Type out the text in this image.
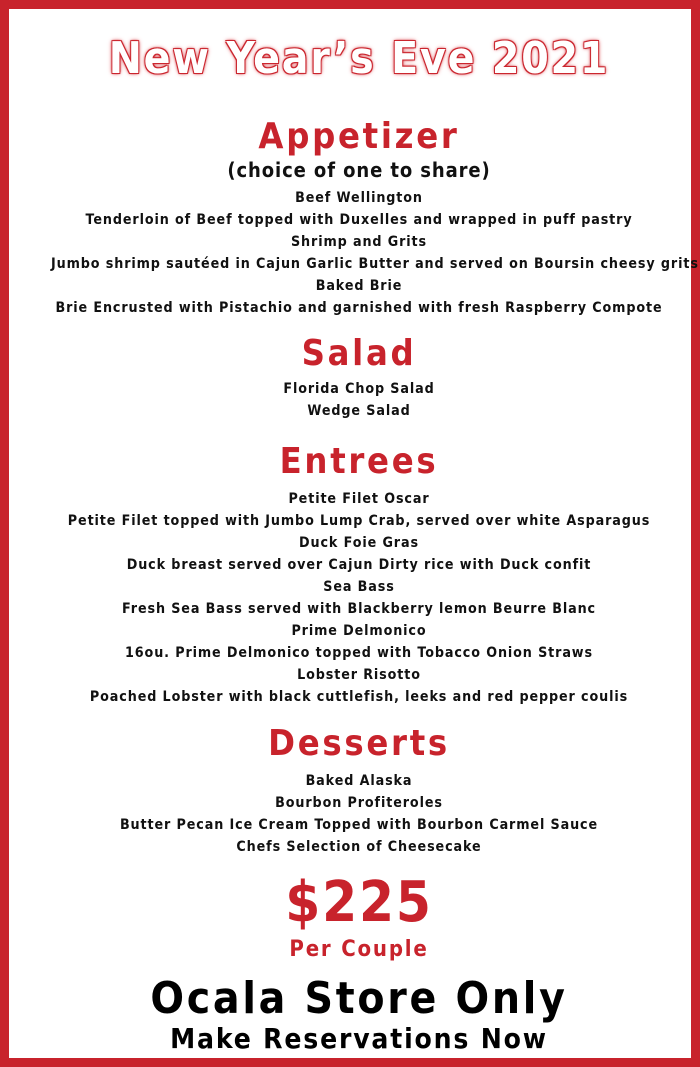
New Year’s Eve 2021
Appetizer
(choice of one to share)
Beef Wellington
Tenderloin of Beef topped with Duxelles and wrapped in puff pastry
Shrimp and Grits
Jumbo shrimp sautéed in Cajun Garlic Butter and served on Boursin cheesy grits
Baked Brie
Brie Encrusted with Pistachio and garnished with fresh Raspberry Compote
Salad
Florida Chop Salad
Wedge Salad
Entrees
Petite Filet Oscar
Petite Filet topped with Jumbo Lump Crab, served over white Asparagus
Duck Foie Gras
Duck breast served over Cajun Dirty rice with Duck confit
Sea Bass
Fresh Sea Bass served with Blackberry lemon Beurre Blanc
Prime Delmonico
16ou. Prime Delmonico topped with Tobacco Onion Straws
Lobster Risotto
Poached Lobster with black cuttlefish, leeks and red pepper coulis
Desserts
Baked Alaska
Bourbon Profiteroles
Butter Pecan Ice Cream Topped with Bourbon Carmel Sauce
Chefs Selection of Cheesecake
$225
Per Couple
Ocala Store Only
Make Reservations Now
